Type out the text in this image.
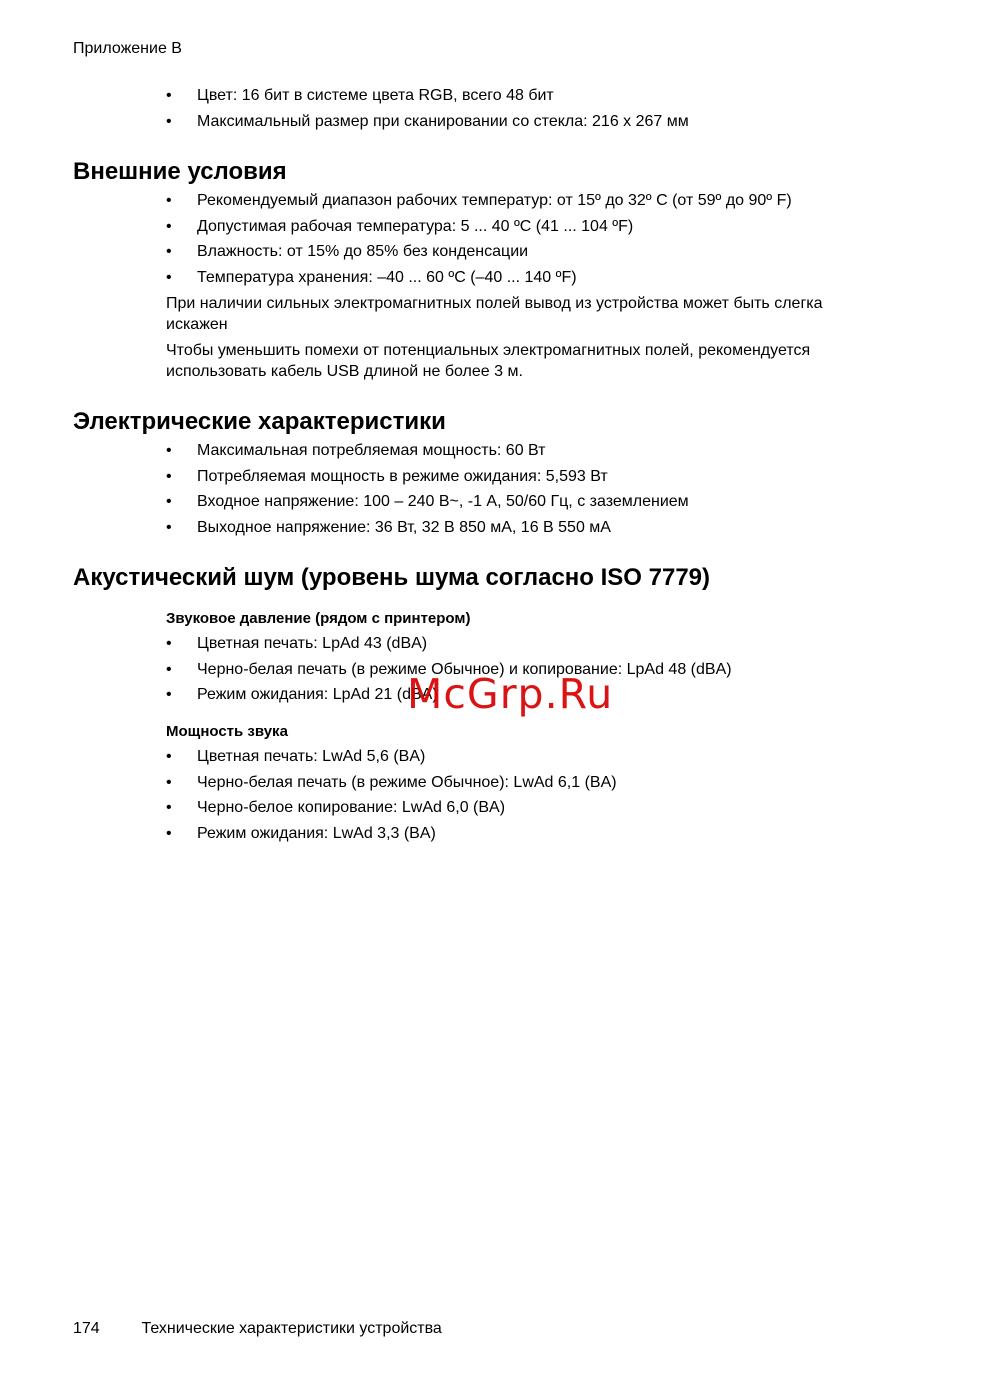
Приложение B
• Цвет: 16 бит в системе цвета RGB, всего 48 бит
• Максимальный размер при сканировании со стекла: 216 x 267 мм
Внешние условия
• Рекомендуемый диапазон рабочих температур: от 15º до 32º C (от 59º до 90º F)
• Допустимая рабочая температура: 5 ... 40 ºC (41 ... 104 ºF)
• Влажность: от 15% до 85% без конденсации
• Температура хранения: –40 ... 60 ºC (–40 ... 140 ºF)

При наличии сильных электромагнитных полей вывод из устройства может быть слегка искажен

Чтобы уменьшить помехи от потенциальных электромагнитных полей, рекомендуется использовать кабель USB длиной не более 3 м.

Электрические характеристики
• Максимальная потребляемая мощность: 60 Вт
• Потребляемая мощность в режиме ожидания: 5,593 Вт
• Входное напряжение: 100 – 240 В~, -1 A, 50/60 Гц, с заземлением
• Выходное напряжение: 36 Вт, 32 В 850 мА, 16 В 550 мА
Акустический шум (уровень шума согласно ISO 7779)

Звуковое давление (рядом с принтером)

• Цветная печать: LpAd 43 (dBA)
• Черно-белая печать (в режиме Обычное) и копирование: LpAd 48 (dBA)
• Режим ожидания: LpAd 21 (dBA)

Мощность звука

• Цветная печать: LwAd 5,6 (BA)
• Черно-белая печать (в режиме Обычное): LwAd 6,1 (BA)
• Черно-белое копирование: LwAd 6,0 (BA)
• Режим ожидания: LwAd 3,3 (BA)
McGrp.Ru
174	Технические характеристики устройства
